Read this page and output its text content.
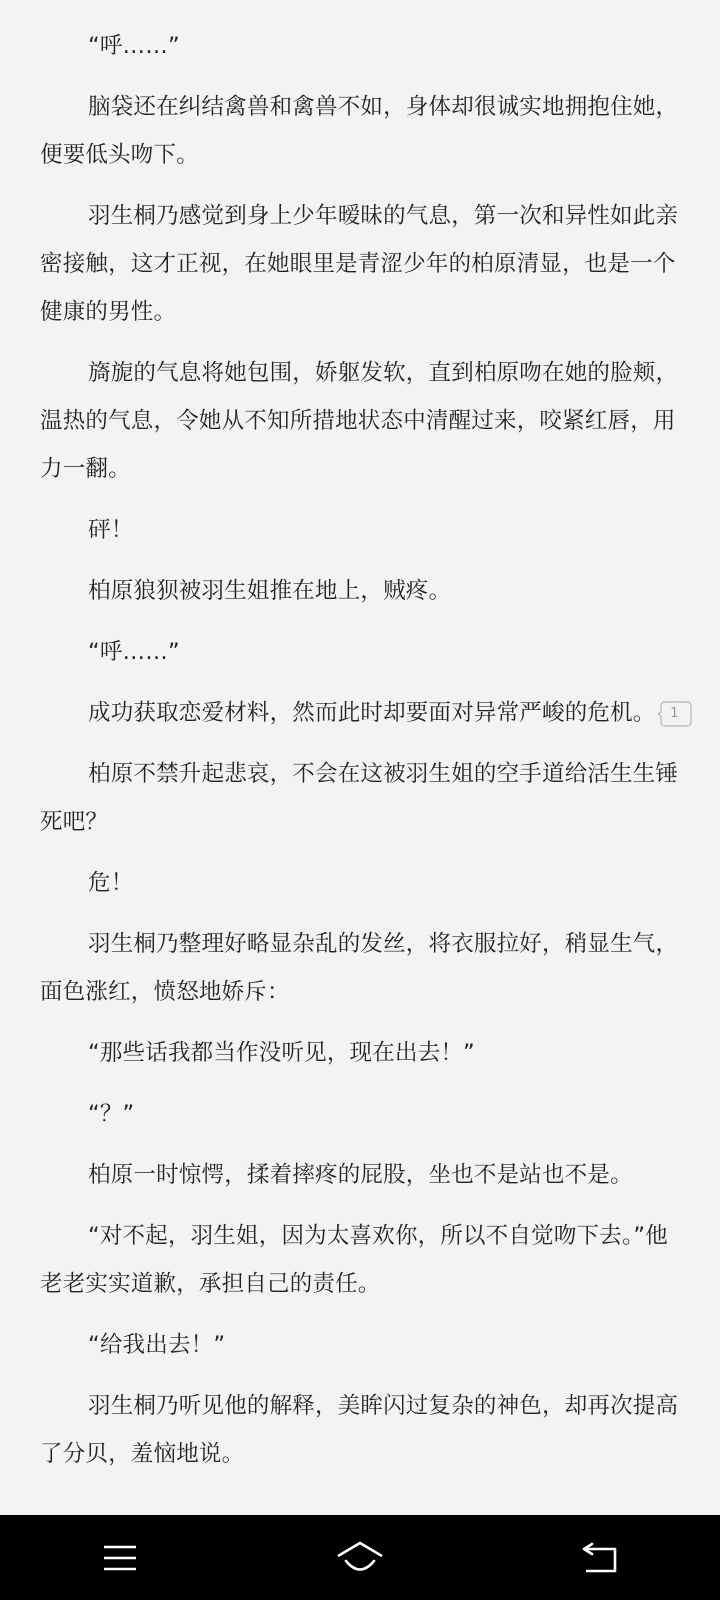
“呼……”

脑袋还在纠结禽兽和禽兽不如，身体却很诚实地拥抱住她，便要低头吻下。

羽生桐乃感觉到身上少年暧昧的气息，第一次和异性如此亲密接触，这才正视，在她眼里是青涩少年的柏原清显，也是一个健康的男性。

旖旎的气息将她包围，娇躯发软，直到柏原吻在她的脸颊，温热的气息，令她从不知所措地状态中清醒过来，咬紧红唇，用力一翻。

砰！

柏原狼狈被羽生姐推在地上，贼疼。

“呼……”

成功获取恋爱材料，然而此时却要面对异常严峻的危机。	1

柏原不禁升起悲哀，不会在这被羽生姐的空手道给活生生锤死吧？

危！

羽生桐乃整理好略显杂乱的发丝，将衣服拉好，稍显生气，面色涨红，愤怒地娇斥：

“那些话我都当作没听见，现在出去！”

“？”

柏原一时惊愕，揉着摔疼的屁股，坐也不是站也不是。

“对不起，羽生姐，因为太喜欢你，所以不自觉吻下去。”他老老实实道歉，承担自己的责任。

“给我出去！”

羽生桐乃听见他的解释，美眸闪过复杂的神色，却再次提高了分贝，羞恼地说。
